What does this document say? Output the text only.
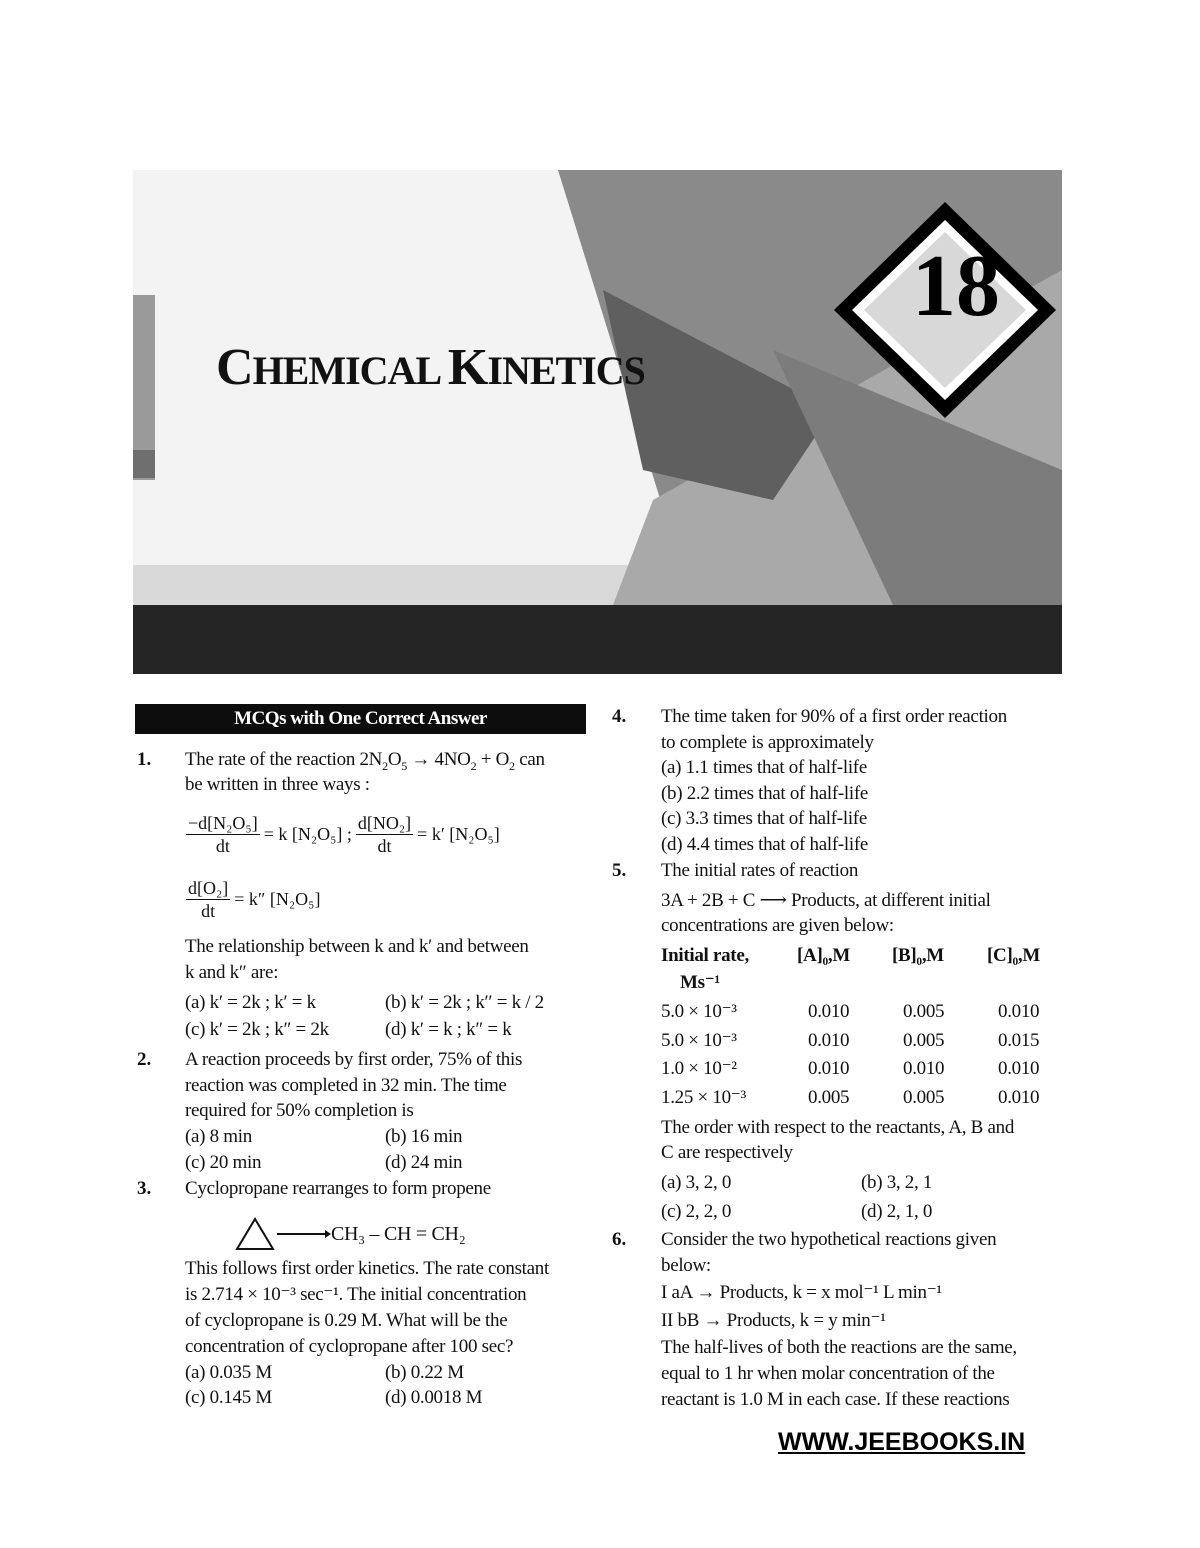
CHEMICAL KINETICS
18
MCQs with One Correct Answer
1. The rate of the reaction $2N_2O_5 \to 4NO_2 + O_2$ can
be written in three ways :
$\frac{\text{−d[N₂O₅]}}{dt} = k$ [N₂O₅] ; $\frac{\text{d[NO₂]}}{dt} = k'$ [N₂O₅]
$\frac{\text{d[O₂]}}{dt} = k''$ [N₂O₅]
The relationship between k and k′ and between
k and k″ are:
(a) k′ = 2k ; k′ = k	(b) k′ = 2k ; k′′ = k / 2
(c) k′ = 2k ; k″ = 2k	(d) k′ = k ; k″ = k
2. A reaction proceeds by first order, 75% of this
reaction was completed in 32 min. The time
required for 50% completion is
(a) 8 min	(b) 16 min
(c) 20 min	(d) 24 min
3. Cyclopropane rearranges to form propene
CH₃ – CH = CH₂
This follows first order kinetics. The rate constant
is 2.714 × 10⁻³ sec⁻¹. The initial concentration
of cyclopropane is 0.29 M. What will be the
concentration of cyclopropane after 100 sec?
(a) 0.035 M	(b) 0.22 M
(c) 0.145 M	(d) 0.0018 M
4. The time taken for 90% of a first order reaction
to complete is approximately
(a) 1.1 times that of half-life
(b) 2.2 times that of half-life
(c) 3.3 times that of half-life
(d) 4.4 times that of half-life
5. The initial rates of reaction
3A + 2B + C ⟶ Products, at different initial
concentrations are given below:
Initial rate,	[A]₀,M [B]₀,M [C]₀,M
Ms⁻¹
5.0 × 10⁻³	0.010	0.005	0.010
5.0 × 10⁻³	0.010	0.005	0.015
1.0 × 10⁻²	0.010	0.010	0.010
1.25 × 10⁻³	0.005	0.005	0.010
The order with respect to the reactants, A, B and
C are respectively
(a) 3, 2, 0	(b) 3, 2, 1
(c) 2, 2, 0	(d) 2, 1, 0
6. Consider the two hypothetical reactions given
below:
I aA → Products, k = x mol⁻¹ L min⁻¹
II bB → Products, k = y min⁻¹
The half-lives of both the reactions are the same,
equal to 1 hr when molar concentration of the
reactant is 1.0 M in each case. If these reactions
WWW.JEEBOOKS.IN
